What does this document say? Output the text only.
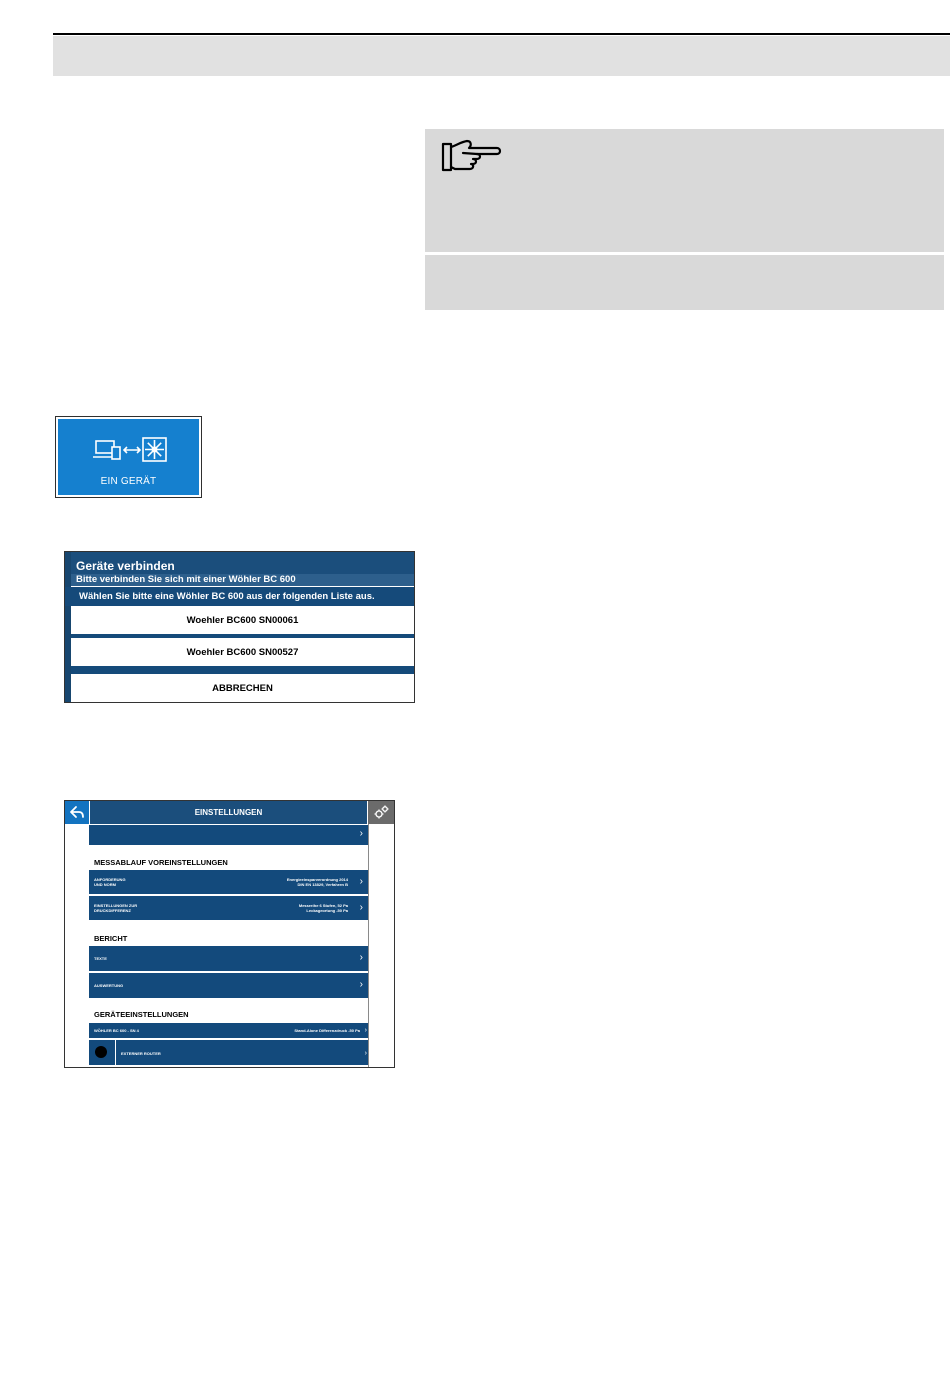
EIN GERÄT
Geräte verbinden
Bitte verbinden Sie sich mit einer Wöhler BC 600
Wählen Sie bitte eine Wöhler BC 600 aus der folgenden Liste aus.
Woehler BC600 SN00061
Woehler BC600 SN00527
ABBRECHEN
EINSTELLUNGEN
›
MESSABLAUF VOREINSTELLUNGEN
ANFORDERUNG
UND NORM
Energieeinsparverordnung 2014
DIN EN 13829, Verfahren B ›
EINSTELLUNGEN ZUR
DRUCKDIFFERENZ
Messreihe 6 Stufen, 52 Pa
Leckageortung -50 Pa ›
BERICHT
TEXTE	›
AUSWERTUNG	›
GERÄTEEINSTELLUNGEN
WÖHLER BC 600 - SN 4	Stand-Alone Differenzdruck -50 Pa ›
EXTERNER ROUTER	›
